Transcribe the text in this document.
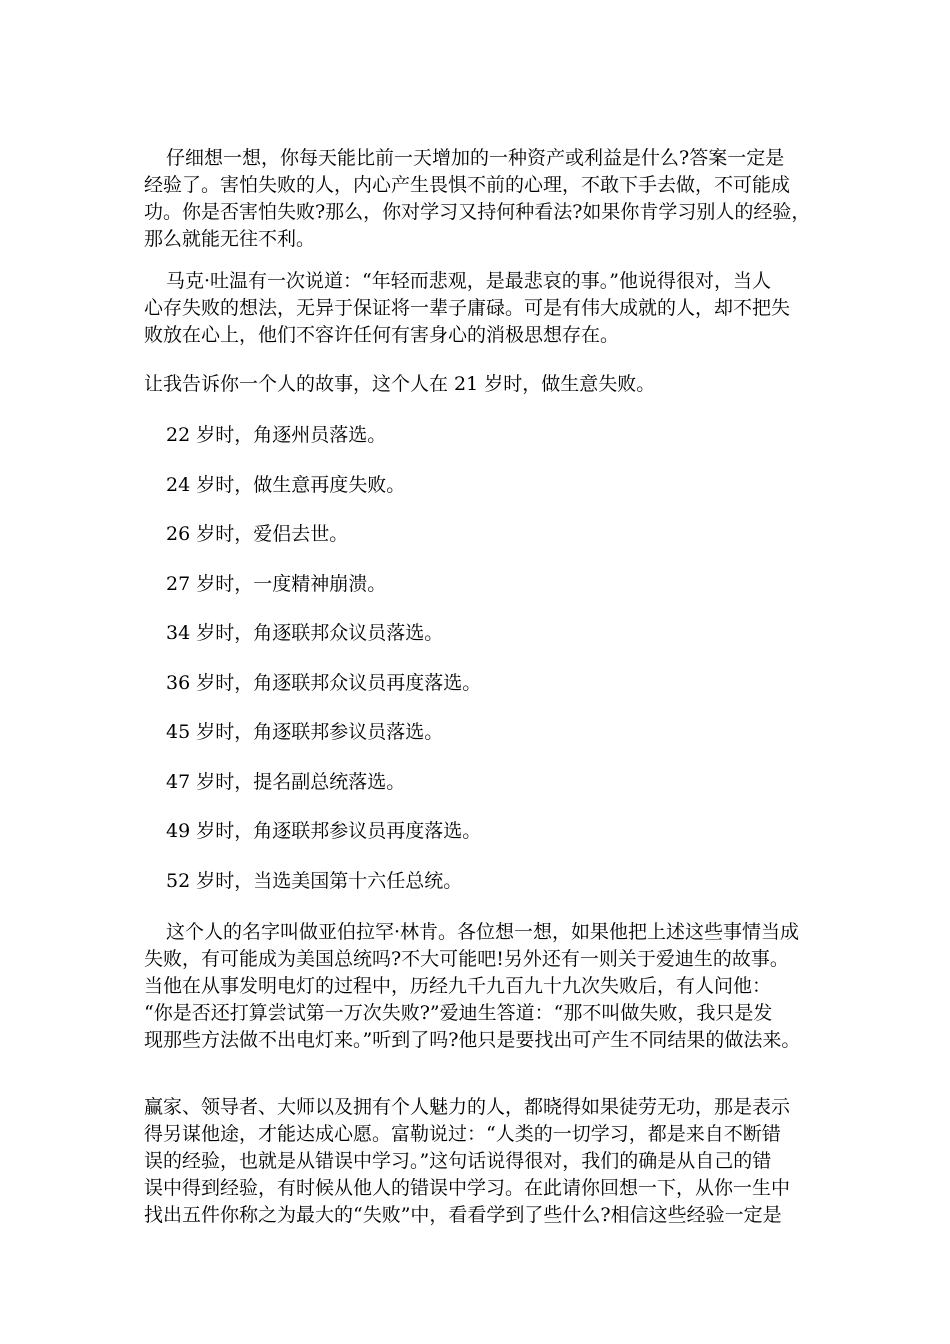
仔细想一想，你每天能比前一天增加的一种资产或利益是什么?答案一定是
经验了。害怕失败的人，内心产生畏惧不前的心理，不敢下手去做，不可能成
功。你是否害怕失败?那么，你对学习又持何种看法?如果你肯学习别人的经验，
那么就能无往不利。
马克·吐温有一次说道：“年轻而悲观，是最悲哀的事。”他说得很对，当人
心存失败的想法，无异于保证将一辈子庸碌。可是有伟大成就的人，却不把失
败放在心上，他们不容许任何有害身心的消极思想存在。
让我告诉你一个人的故事，这个人在 21 岁时，做生意失败。

22 岁时，角逐州员落选。

24 岁时，做生意再度失败。

26 岁时，爱侣去世。

27 岁时，一度精神崩溃。

34 岁时，角逐联邦众议员落选。

36 岁时，角逐联邦众议员再度落选。

45 岁时，角逐联邦参议员落选。

47 岁时，提名副总统落选。

49 岁时，角逐联邦参议员再度落选。

52 岁时，当选美国第十六任总统。

这个人的名字叫做亚伯拉罕·林肯。各位想一想，如果他把上述这些事情当成
失败，有可能成为美国总统吗?不大可能吧!另外还有一则关于爱迪生的故事。
当他在从事发明电灯的过程中，历经九千九百九十九次失败后，有人问他：
“你是否还打算尝试第一万次失败?”爱迪生答道：“那不叫做失败，我只是发
现那些方法做不出电灯来。”听到了吗?他只是要找出可产生不同结果的做法来。
赢家、领导者、大师以及拥有个人魅力的人，都晓得如果徒劳无功，那是表示
得另谋他途，才能达成心愿。富勒说过：“人类的一切学习，都是来自不断错
误的经验，也就是从错误中学习。”这句话说得很对，我们的确是从自己的错
误中得到经验，有时候从他人的错误中学习。在此请你回想一下，从你一生中
找出五件你称之为最大的“失败”中，看看学到了些什么?相信这些经验一定是
